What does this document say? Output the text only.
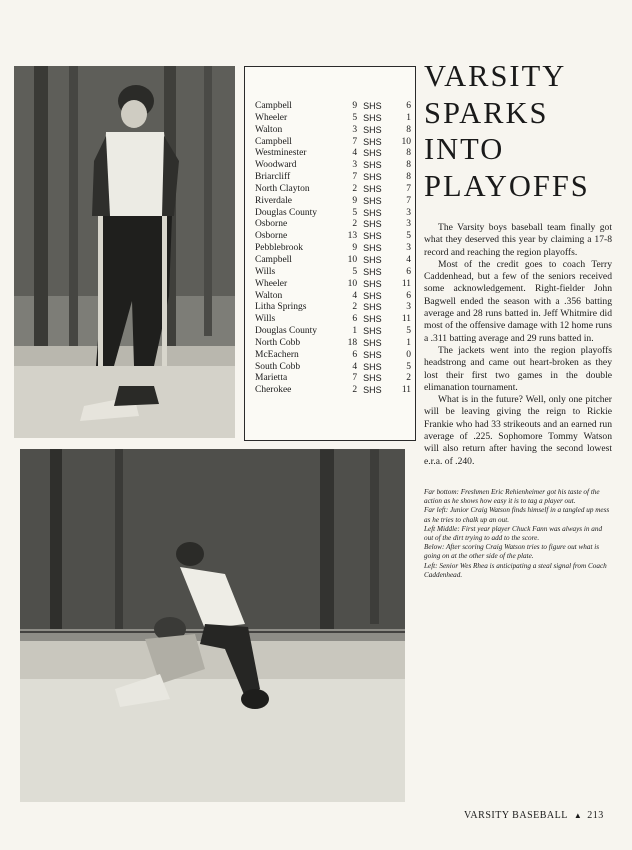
Campbell	9	SHS	6
Wheeler	5	SHS	1
Walton	3	SHS	8
Campbell	7	SHS	10
Westminester	4	SHS	8
Woodward	3	SHS	8
Briarcliff	7	SHS	8
North Clayton	2	SHS	7
Riverdale	9	SHS	7
Douglas County	5	SHS	3
Osborne	2	SHS	3
Osborne	13	SHS	5
Pebblebrook	9	SHS	3
Campbell	10	SHS	4
Wills	5	SHS	6
Wheeler	10	SHS	11
Walton	4	SHS	6
Litha Springs	2	SHS	3
Wills	6	SHS	11
Douglas County	1	SHS	5
North Cobb	18	SHS	1
McEachern	6	SHS	0
South Cobb	4	SHS	5
Marietta	7	SHS	2
Cherokee	2	SHS	11
VARSITY
SPARKS
INTO
PLAYOFFS

The Varsity boys baseball team finally got what they deserved this year by claiming a 17-8 record and reaching the region playoffs.

Most of the credit goes to coach Terry Caddenhead, but a few of the seniors received some acknowledgement. Right-fielder John Bagwell ended the season with a .356 batting average and 28 runs batted in. Jeff Whitmire did most of the offensive damage with 12 home runs a .311 batting average and 29 runs batted in.

The jackets went into the region playoffs headstrong and came out heart-broken as they lost their first two games in the double elimanation tournament.

What is in the future? Well, only one pitcher will be leaving giving the reign to Rickie Frankie who had 33 strikeouts and an earned run average of .225. Sophomore Tommy Watson will also return after having the second lowest e.r.a. of .240.

Far bottom: Freshmen Eric Rehienheimer got his taste of the action as he shows how easy it is to tag a player out.

Far left: Junior Craig Watson finds himself in a tangled up mess as he tries to chalk up an out.

Left Middle: First year player Chuck Fann was always in and out of the dirt trying to add to the score.

Below: After scoring Craig Watson tries to figure out what is going on at the other side of the plate.

Left: Senior Wes Rhea is anticipating a steal signal from Coach Caddenhead.

VARSITY BASEBALL ▲ 213
